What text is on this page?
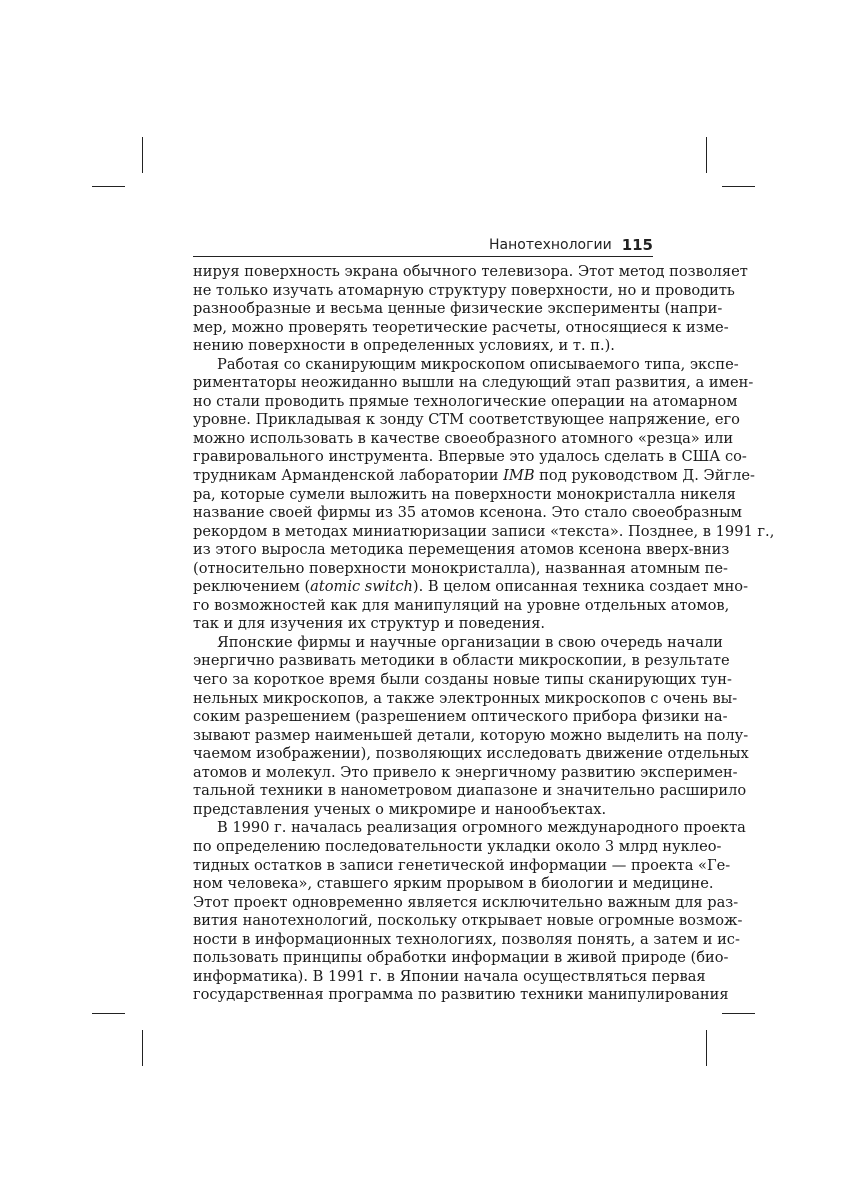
Нанотехнологии 115

нируя поверхность экрана обычного телевизора. Этот метод позволяет
не только изучать атомарную структуру поверхности, но и проводить
разнообразные и весьма ценные физические эксперименты (напри-
мер, можно проверять теоретические расчеты, относящиеся к изме-
нению поверхности в определенных условиях, и т. п.).

Работая со сканирующим микроскопом описываемого типа, экспе-
риментаторы неожиданно вышли на следующий этап развития, а имен-
но стали проводить прямые технологические операции на атомарном
уровне. Прикладывая к зонду СТМ соответствующее напряжение, его
можно использовать в качестве своеобразного атомного «резца» или
гравировального инструмента. Впервые это удалось сделать в США со-
трудникам Арманденской лаборатории IMB под руководством Д. Эйгле-
ра, которые сумели выложить на поверхности монокристалла никеля
название своей фирмы из 35 атомов ксенона. Это стало своеобразным
рекордом в методах миниатюризации записи «текста». Позднее, в 1991 г.,
из этого выросла методика перемещения атомов ксенона вверх-вниз
(относительно поверхности монокристалла), названная атомным пе-
реключением (atomic switch). В целом описанная техника создает мно-
го возможностей как для манипуляций на уровне отдельных атомов,
так и для изучения их структур и поведения.

Японские фирмы и научные организации в свою очередь начали
энергично развивать методики в области микроскопии, в результате
чего за короткое время были созданы новые типы сканирующих тун-
нельных микроскопов, а также электронных микроскопов с очень вы-
соким разрешением (разрешением оптического прибора физики на-
зывают размер наименьшей детали, которую можно выделить на полу-
чаемом изображении), позволяющих исследовать движение отдельных
атомов и молекул. Это привело к энергичному развитию эксперимен-
тальной техники в нанометровом диапазоне и значительно расширило
представления ученых о микромире и нанообъектах.

В 1990 г. началась реализация огромного международного проекта
по определению последовательности укладки около 3 млрд нуклео-
тидных остатков в записи генетической информации — проекта «Ге-
ном человека», ставшего ярким прорывом в биологии и медицине.
Этот проект одновременно является исключительно важным для раз-
вития нанотехнологий, поскольку открывает новые огромные возмож-
ности в информационных технологиях, позволяя понять, а затем и ис-
пользовать принципы обработки информации в живой природе (био-
информатика). В 1991 г. в Японии начала осуществляться первая
государственная программа по развитию техники манипулирования
